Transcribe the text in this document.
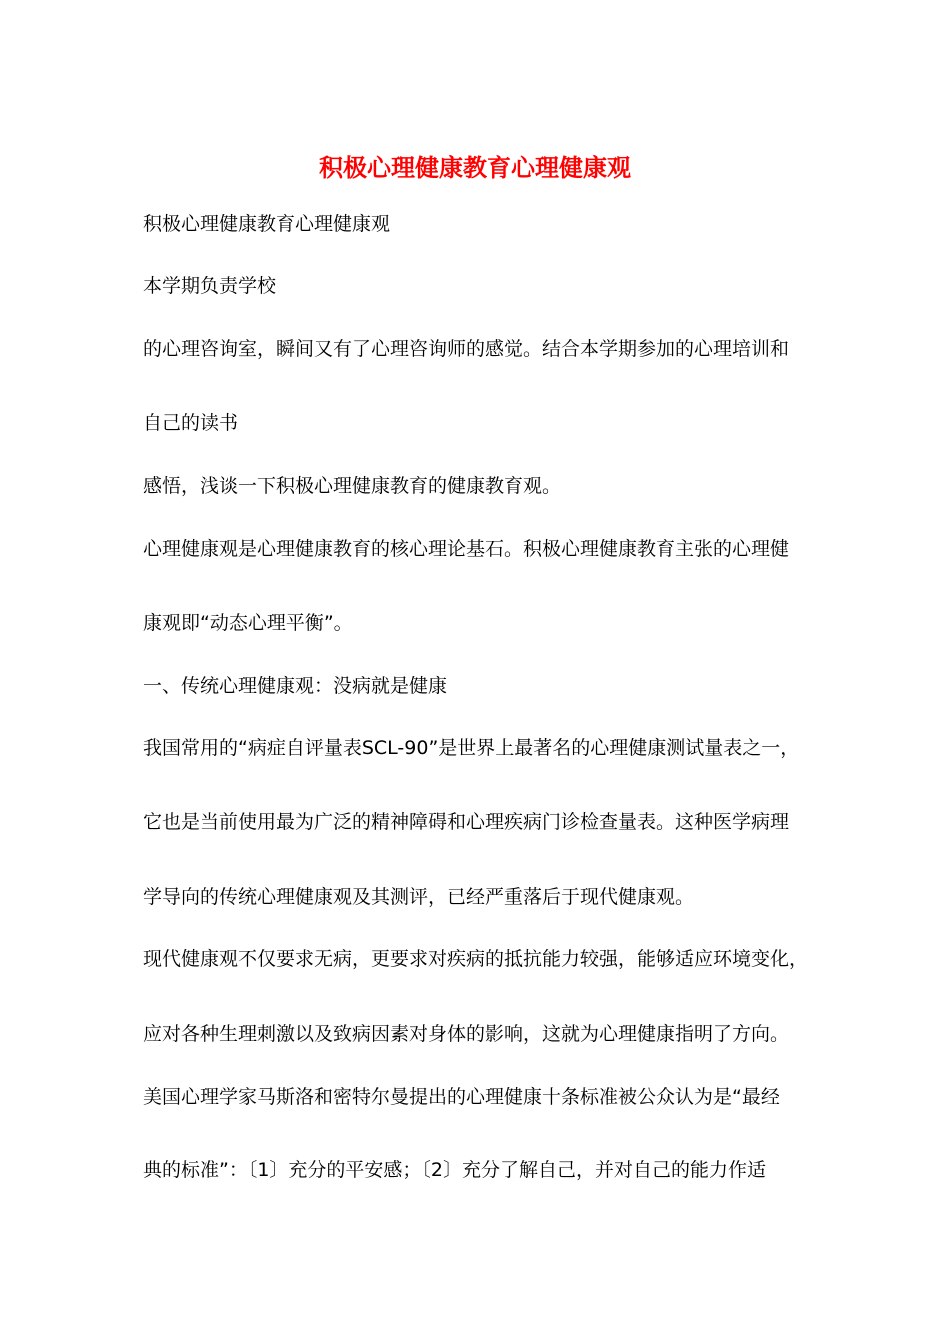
积极心理健康教育心理健康观
积极心理健康教育心理健康观
本学期负责学校
的心理咨询室，瞬间又有了心理咨询师的感觉。结合本学期参加的心理培训和
自己的读书
感悟，浅谈一下积极心理健康教育的健康教育观。
心理健康观是心理健康教育的核心理论基石。积极心理健康教育主张的心理健
康观即“动态心理平衡”。
一、传统心理健康观：没病就是健康
我国常用的“病症自评量表SCL-90”是世界上最著名的心理健康测试量表之一，
它也是当前使用最为广泛的精神障碍和心理疾病门诊检查量表。这种医学病理
学导向的传统心理健康观及其测评，已经严重落后于现代健康观。
现代健康观不仅要求无病，更要求对疾病的抵抗能力较强，能够适应环境变化，
应对各种生理刺激以及致病因素对身体的影响，这就为心理健康指明了方向。
美国心理学家马斯洛和密特尔曼提出的心理健康十条标准被公众认为是“最经
典的标准”：〔1〕充分的平安感；〔2〕充分了解自己，并对自己的能力作适
